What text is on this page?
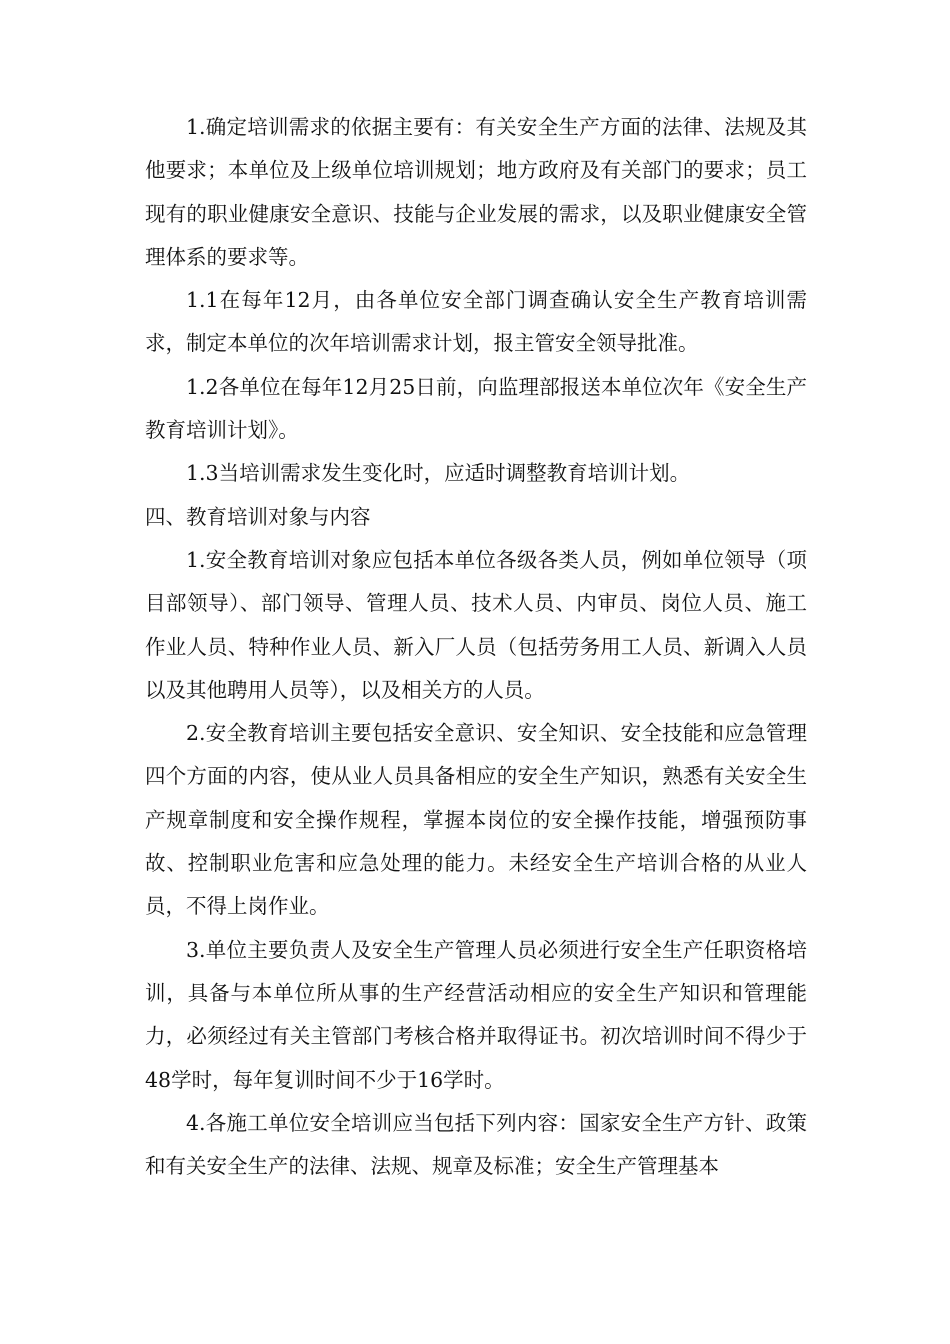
1.确定培训需求的依据主要有：有关安全生产方面的法律、法规及其他要求；本单位及上级单位培训规划；地方政府及有关部门的要求；员工现有的职业健康安全意识、技能与企业发展的需求，以及职业健康安全管理体系的要求等。

1.1在每年12月，由各单位安全部门调查确认安全生产教育培训需求，制定本单位的次年培训需求计划，报主管安全领导批准。

1.2各单位在每年12月25日前，向监理部报送本单位次年《安全生产教育培训计划》。

1.3当培训需求发生变化时，应适时调整教育培训计划。

四、教育培训对象与内容

1.安全教育培训对象应包括本单位各级各类人员，例如单位领导（项目部领导）、部门领导、管理人员、技术人员、内审员、岗位人员、施工作业人员、特种作业人员、新入厂人员（包括劳务用工人员、新调入人员以及其他聘用人员等），以及相关方的人员。

2.安全教育培训主要包括安全意识、安全知识、安全技能和应急管理四个方面的内容，使从业人员具备相应的安全生产知识，熟悉有关安全生产规章制度和安全操作规程，掌握本岗位的安全操作技能，增强预防事故、控制职业危害和应急处理的能力。未经安全生产培训合格的从业人员，不得上岗作业。

3.单位主要负责人及安全生产管理人员必须进行安全生产任职资格培训，具备与本单位所从事的生产经营活动相应的安全生产知识和管理能力，必须经过有关主管部门考核合格并取得证书。初次培训时间不得少于48学时，每年复训时间不少于16学时。

4.各施工单位安全培训应当包括下列内容：国家安全生产方针、政策和有关安全生产的法律、法规、规章及标准；安全生产管理基本
